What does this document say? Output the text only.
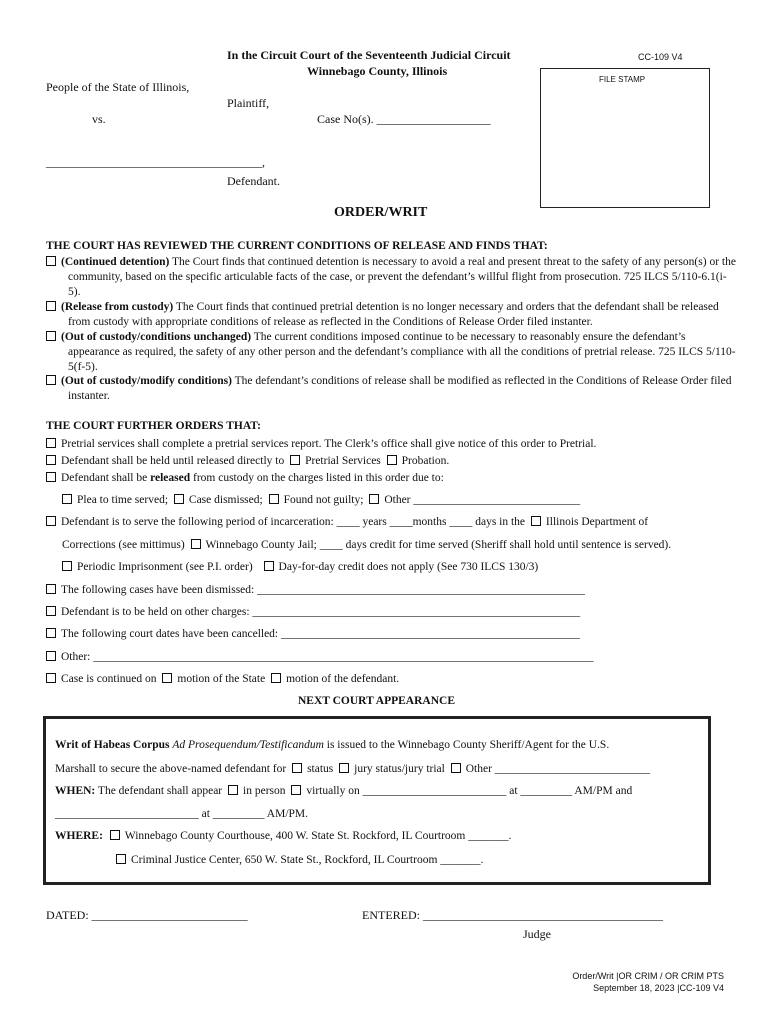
In the Circuit Court of the Seventeenth Judicial Circuit
Winnebago County, Illinois
CC-109 V4
FILE STAMP
People of the State of Illinois,
Plaintiff,
vs.	Case No(s). ___________________
____________________________________,
Defendant.
ORDER/WRIT
THE COURT HAS REVIEWED THE CURRENT CONDITIONS OF RELEASE AND FINDS THAT:
(Continued detention) The Court finds that continued detention is necessary to avoid a real and present threat to the safety of any person(s) or the community, based on the specific articulable facts of the case, or prevent the defendant’s willful flight from prosecution. 725 ILCS 5/110-6.1(i-5).
(Release from custody) The Court finds that continued pretrial detention is no longer necessary and orders that the defendant shall be released from custody with appropriate conditions of release as reflected in the Conditions of Release Order filed instanter.
(Out of custody/conditions unchanged) The current conditions imposed continue to be necessary to reasonably ensure the defendant’s appearance as required, the safety of any other person and the defendant’s compliance with all the conditions of pretrial release. 725 ILCS 5/110-5(f-5).
(Out of custody/modify conditions) The defendant’s conditions of release shall be modified as reflected in the Conditions of Release Order filed instanter.
THE COURT FURTHER ORDERS THAT:
Pretrial services shall complete a pretrial services report. The Clerk’s office shall give notice of this order to Pretrial.
Defendant shall be held until released directly to Pretrial Services Probation.
Defendant shall be released from custody on the charges listed in this order due to:
Plea to time served; Case dismissed; Found not guilty; Other _____________________________
Defendant is to serve the following period of incarceration: ____ years ____months ____ days in the Illinois Department of
Corrections (see mittimus) Winnebago County Jail; ____ days credit for time served (Sheriff shall hold until sentence is served).
Periodic Imprisonment (see P.I. order) Day-for-day credit does not apply (See 730 ILCS 130/3)
The following cases have been dismissed: _________________________________________________________
Defendant is to be held on other charges: _________________________________________________________
The following court dates have been cancelled: ____________________________________________________
Other: _______________________________________________________________________________________
Case is continued on motion of the State motion of the defendant.
NEXT COURT APPEARANCE
Writ of Habeas Corpus Ad Prosequendum/Testificandum is issued to the Winnebago County Sheriff/Agent for the U.S.
Marshall to secure the above-named defendant for status jury status/jury trial Other ___________________________
WHEN: The defendant shall appear in person virtually on _________________________ at _________ AM/PM and
_________________________ at _________ AM/PM.
WHERE: Winnebago County Courthouse, 400 W. State St. Rockford, IL Courtroom _______.
Criminal Justice Center, 650 W. State St., Rockford, IL Courtroom _______.
DATED: __________________________	ENTERED: ________________________________________
Judge
Order/Writ |OR CRIM / OR CRIM PTS
September 18, 2023 |CC-109 V4
